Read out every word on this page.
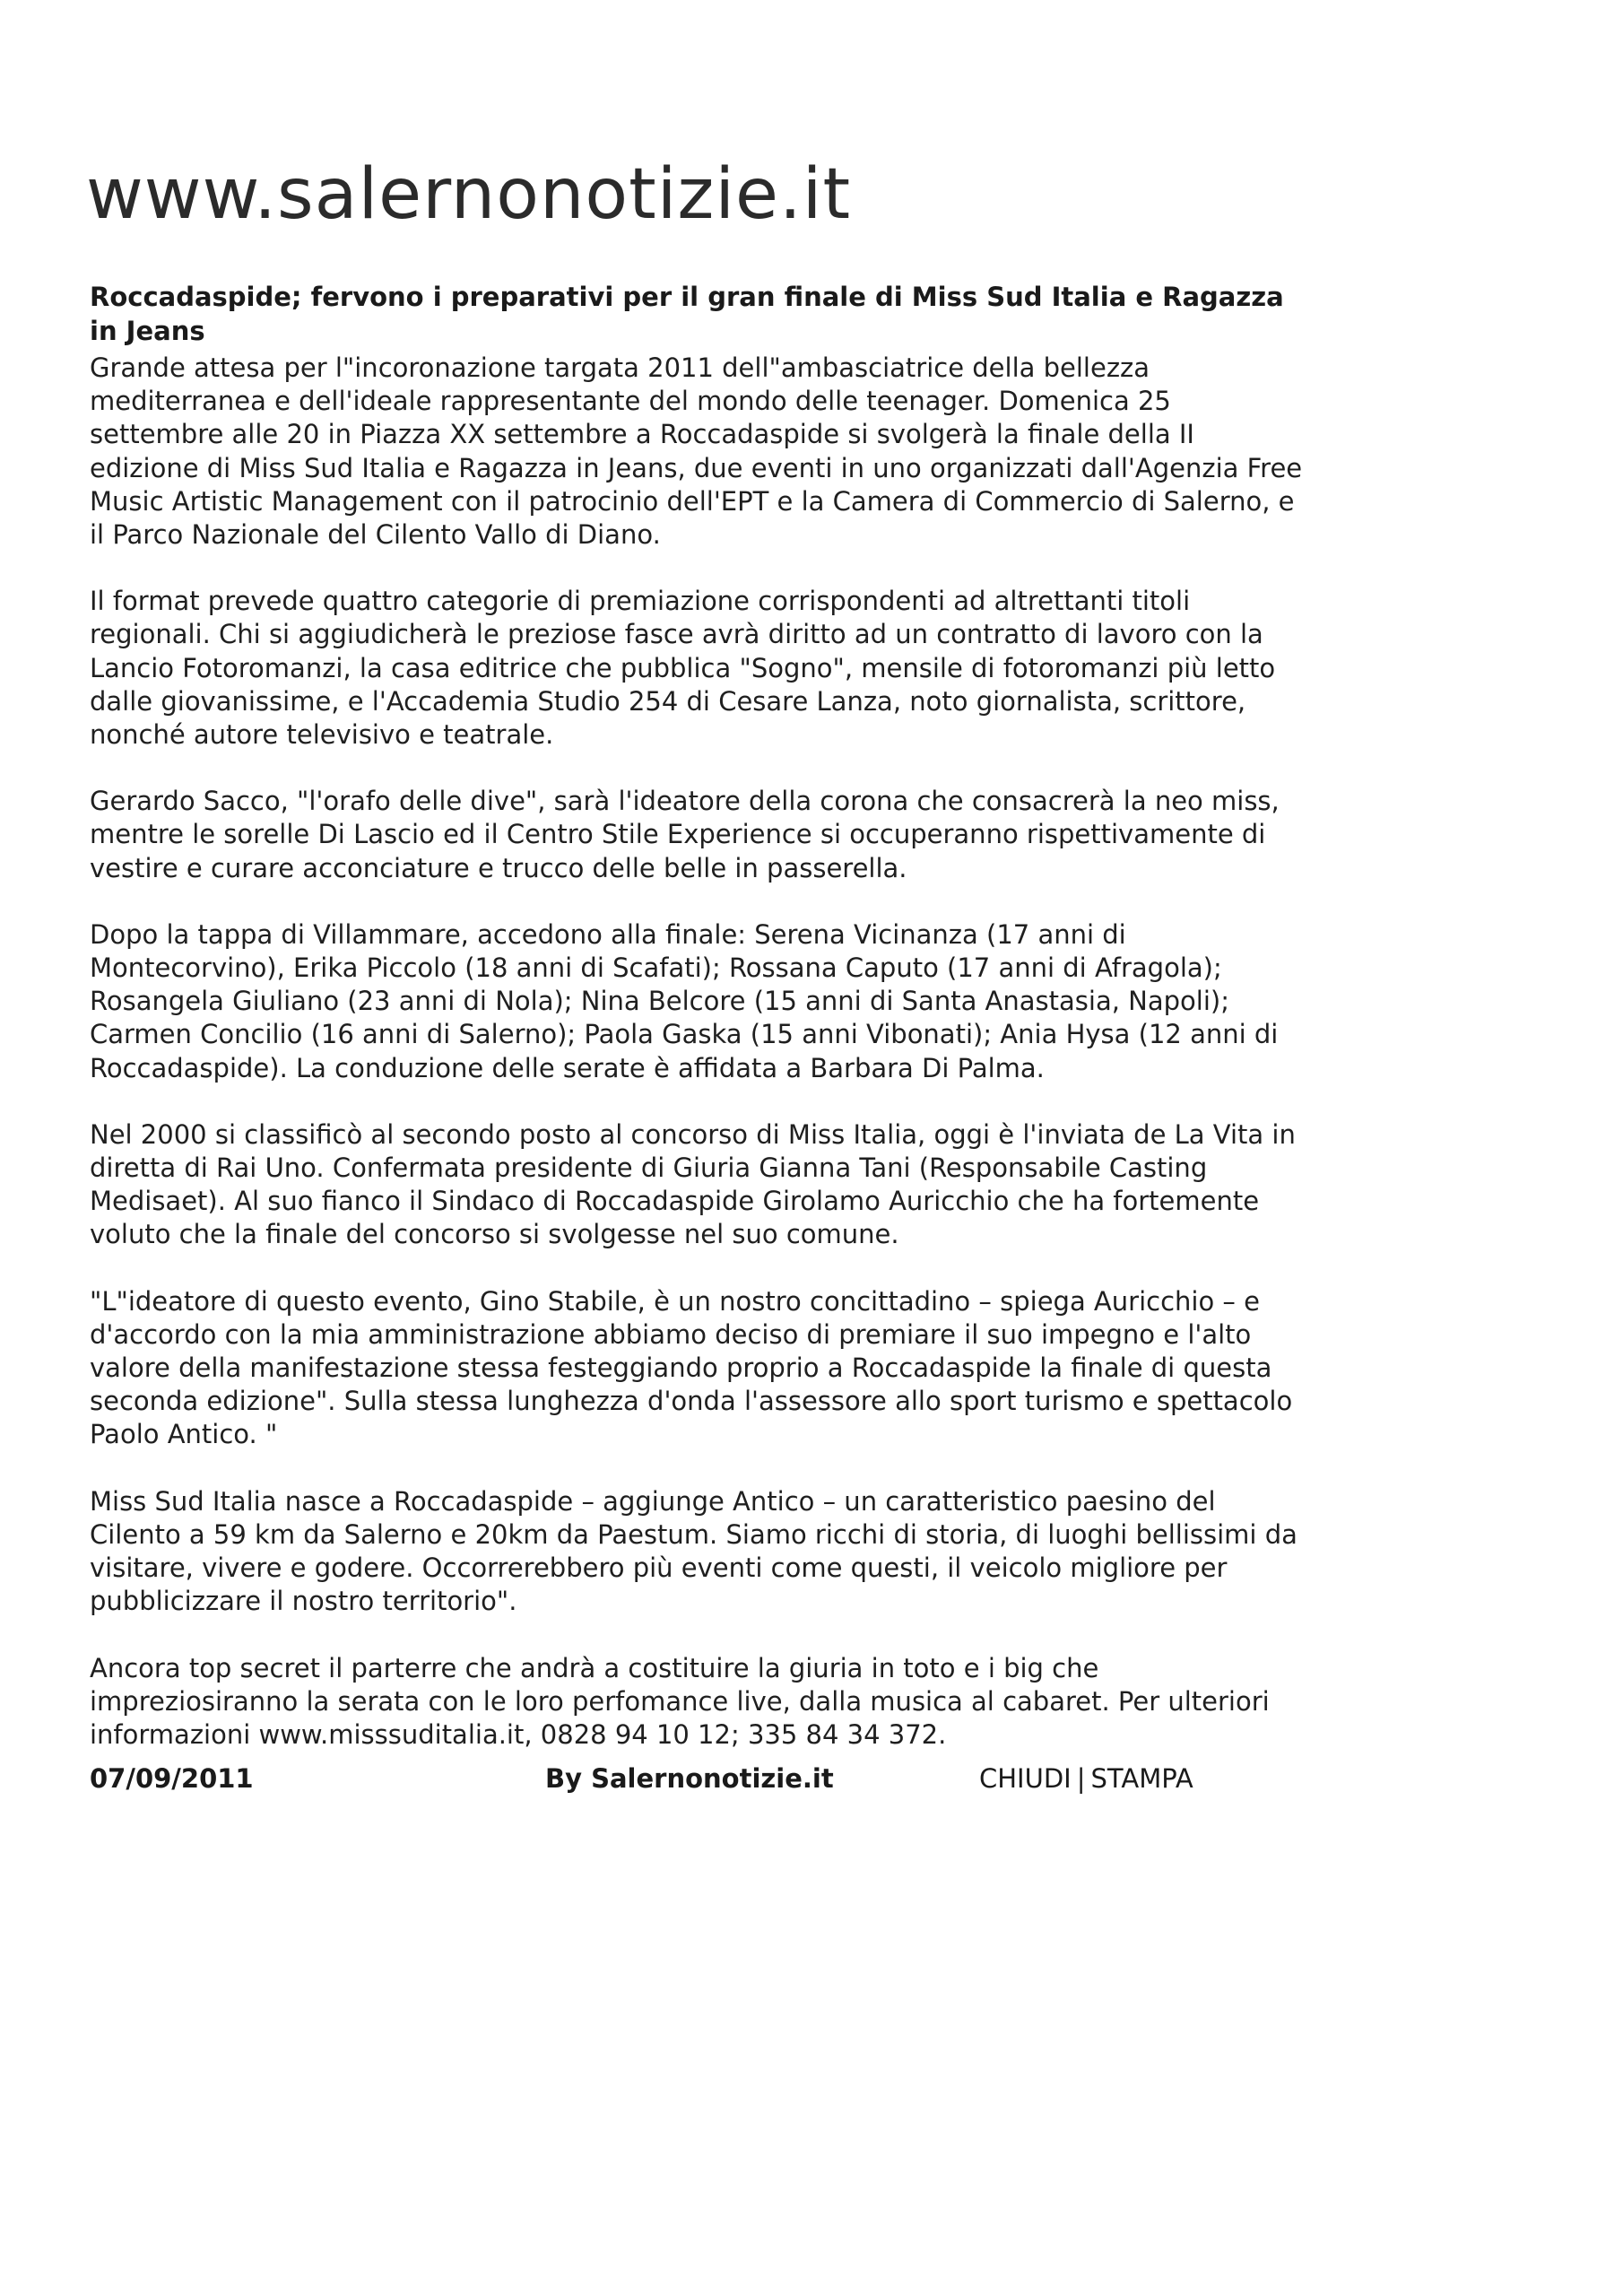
www.salernonotizie.it
Roccadaspide; fervono i preparativi per il gran finale di Miss Sud Italia e Ragazza in Jeans

Grande attesa per l"incoronazione targata 2011 dell"ambasciatrice della bellezza mediterranea e dell'ideale rappresentante del mondo delle teenager. Domenica 25 settembre alle 20 in Piazza XX settembre a Roccadaspide si svolgerà la finale della II edizione di Miss Sud Italia e Ragazza in Jeans, due eventi in uno organizzati dall'Agenzia Free Music Artistic Management con il patrocinio dell'EPT e la Camera di Commercio di Salerno, e il Parco Nazionale del Cilento Vallo di Diano.

Il format prevede quattro categorie di premiazione corrispondenti ad altrettanti titoli regionali. Chi si aggiudicherà le preziose fasce avrà diritto ad un contratto di lavoro con la Lancio Fotoromanzi, la casa editrice che pubblica "Sogno", mensile di fotoromanzi più letto dalle giovanissime, e l'Accademia Studio 254 di Cesare Lanza, noto giornalista, scrittore, nonché autore televisivo e teatrale.

Gerardo Sacco, "l'orafo delle dive", sarà l'ideatore della corona che consacrerà la neo miss, mentre le sorelle Di Lascio ed il Centro Stile Experience si occuperanno rispettivamente di vestire e curare acconciature e trucco delle belle in passerella.

Dopo la tappa di Villammare, accedono alla finale: Serena Vicinanza (17 anni di Montecorvino), Erika Piccolo (18 anni di Scafati); Rossana Caputo (17 anni di Afragola); Rosangela Giuliano (23 anni di Nola); Nina Belcore (15 anni di Santa Anastasia, Napoli); Carmen Concilio (16 anni di Salerno); Paola Gaska (15 anni Vibonati); Ania Hysa (12 anni di Roccadaspide). La conduzione delle serate è affidata a Barbara Di Palma.

Nel 2000 si classificò al secondo posto al concorso di Miss Italia, oggi è l'inviata de La Vita in diretta di Rai Uno. Confermata presidente di Giuria Gianna Tani (Responsabile Casting Medisaet). Al suo fianco il Sindaco di Roccadaspide Girolamo Auricchio che ha fortemente voluto che la finale del concorso si svolgesse nel suo comune.

"L"ideatore di questo evento, Gino Stabile, è un nostro concittadino – spiega Auricchio – e d'accordo con la mia amministrazione abbiamo deciso di premiare il suo impegno e l'alto valore della manifestazione stessa festeggiando proprio a Roccadaspide la finale di questa seconda edizione". Sulla stessa lunghezza d'onda l'assessore allo sport turismo e spettacolo Paolo Antico. "

Miss Sud Italia nasce a Roccadaspide – aggiunge Antico – un caratteristico paesino del Cilento a 59 km da Salerno e 20km da Paestum. Siamo ricchi di storia, di luoghi bellissimi da visitare, vivere e godere. Occorrerebbero più eventi come questi, il veicolo migliore per pubblicizzare il nostro territorio".

Ancora top secret il parterre che andrà a costituire la giuria in toto e i big che impreziosiranno la serata con le loro perfomance live, dalla musica al cabaret. Per ulteriori informazioni www.misssuditalia.it, 0828 94 10 12; 335 84 34 372.

07/09/2011	By Salernonotizie.it	CHIUDI | STAMPA
